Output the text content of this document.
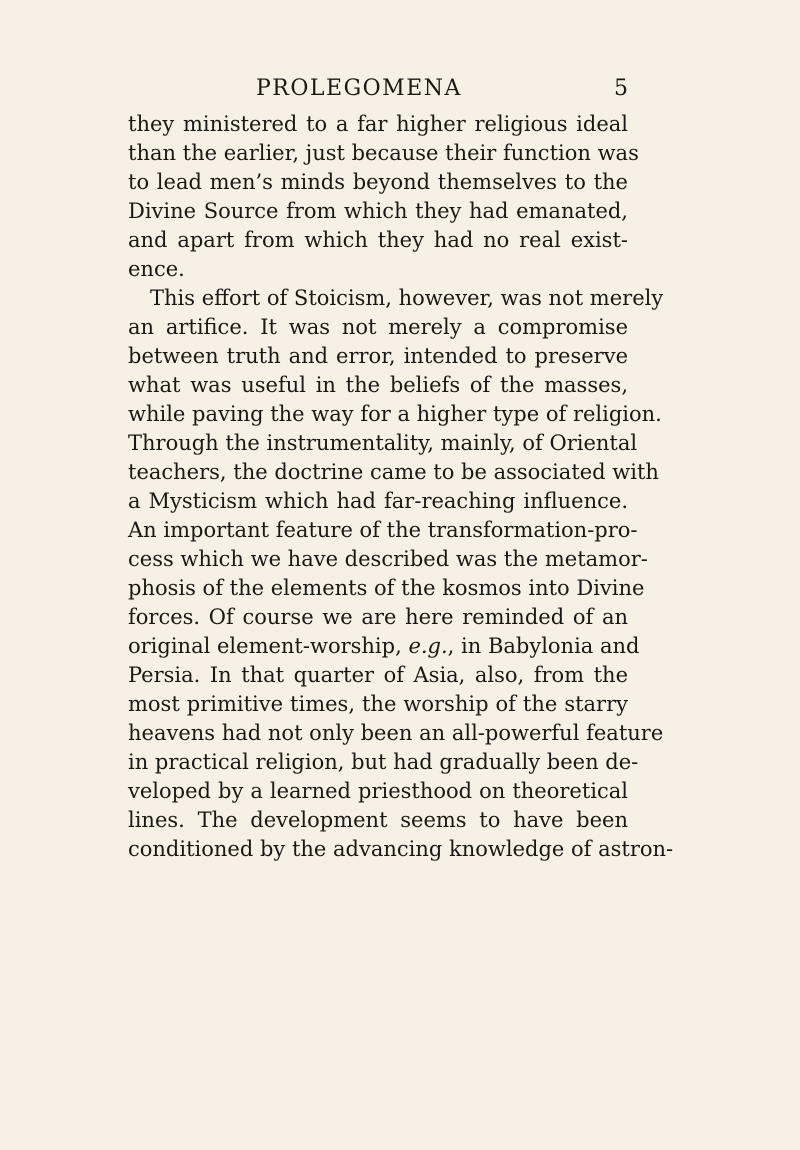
PROLEGOMENA	5
they ministered to a far higher religious ideal
than the earlier, just because their function was
to lead men’s minds beyond themselves to the
Divine Source from which they had emanated,
and apart from which they had no real exist-
ence.
This effort of Stoicism, however, was not merely
an artifice. It was not merely a compromise
between truth and error, intended to preserve
what was useful in the beliefs of the masses,
while paving the way for a higher type of religion.
Through the instrumentality, mainly, of Oriental
teachers, the doctrine came to be associated with
a Mysticism which had far-reaching influence.
An important feature of the transformation-pro-
cess which we have described was the metamor-
phosis of the elements of the kosmos into Divine
forces. Of course we are here reminded of an
original element-worship, e.g., in Babylonia and
Persia. In that quarter of Asia, also, from the
most primitive times, the worship of the starry
heavens had not only been an all-powerful feature
in practical religion, but had gradually been de-
veloped by a learned priesthood on theoretical
lines. The development seems to have been
conditioned by the advancing knowledge of astron-
